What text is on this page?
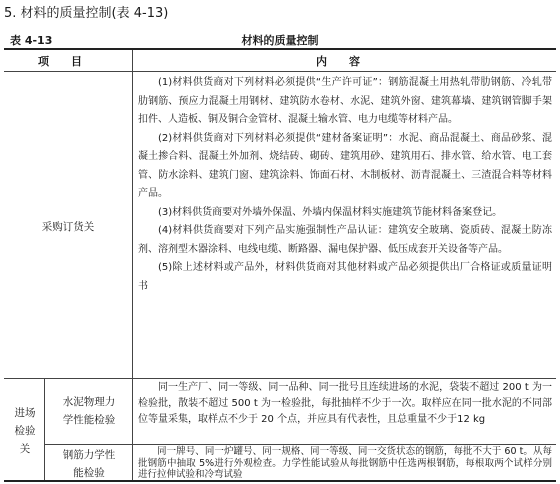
5. 材料的质量控制(表 4-13)
表 4-13	材料的质量控制
项　目	内　容
采购订货关

(1)材料供货商对下列材料必须提供“生产许可证”：钢筋混凝土用热轧带肋钢筋、冷轧带肋钢筋、预应力混凝土用钢材、建筑防水卷材、水泥、建筑外窗、建筑幕墙、建筑钢管脚手架扣件、人造板、铜及铜合金管材、混凝土输水管、电力电缆等材料产品。

(2)材料供货商对下列材料必须提供“建材备案证明”：水泥、商品混凝土、商品砂浆、混凝土掺合料、混凝土外加剂、烧结砖、砌砖、建筑用砂、建筑用石、排水管、给水管、电工套管、防水涂料、建筑门窗、建筑涂料、饰面石材、木制板材、沥青混凝土、三渣混合料等材料产品。

(3)材料供货商要对外墙外保温、外墙内保温材料实施建筑节能材料备案登记。

(4)材料供货商要对下列产品实施强制性产品认证：建筑安全玻璃、瓷质砖、混凝土防冻剂、溶剂型木器涂料、电线电缆、断路器、漏电保护器、低压成套开关设备等产品。

(5)除上述材料或产品外，材料供货商对其他材料或产品必须提供出厂合格证或质量证明书

进场
检验
关
水泥物理力
学性能检验

同一生产厂、同一等级、同一品种、同一批号且连续进场的水泥，袋装不超过 200 t 为一检验批，散装不超过 500 t 为一检验批，每批抽样不少于一次。取样应在同一批水泥的不同部位等量采集，取样点不少于 20 个点，并应具有代表性，且总重量不少于12 kg

钢筋力学性
能检验

同一牌号、同一炉罐号、同一规格、同一等级、同一交货状态的钢筋，每批不大于 60 t。从每批钢筋中抽取 5%进行外观检查。力学性能试验从每批钢筋中任选两根钢筋，每根取两个试样分别进行拉伸试验和冷弯试验
